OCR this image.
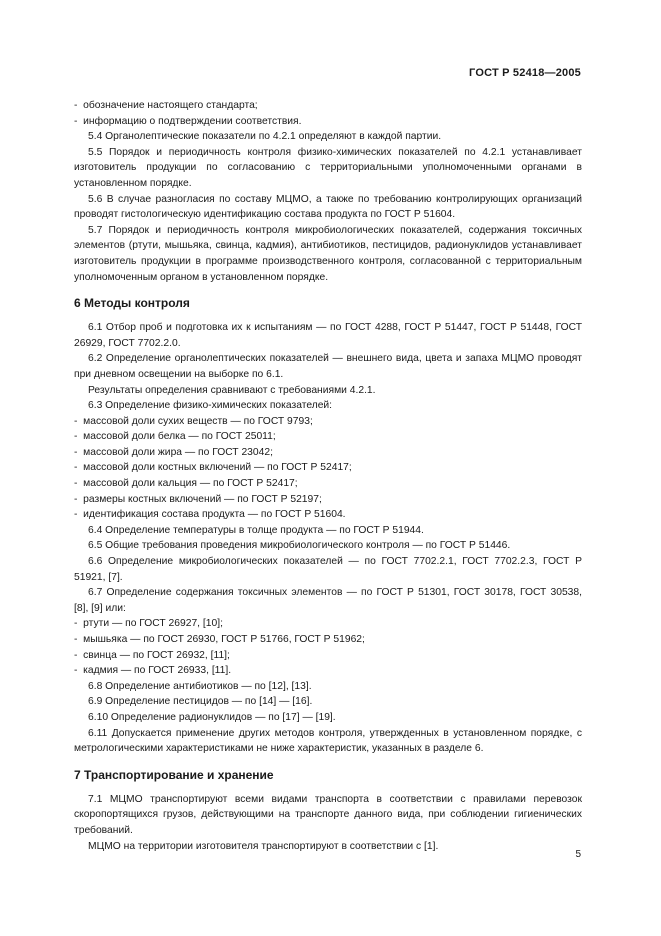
ГОСТ Р 52418—2005

-  обозначение настоящего стандарта;

-  информацию о подтверждении соответствия.

5.4 Органолептические показатели по 4.2.1 определяют в каждой партии.

5.5 Порядок и периодичность контроля физико-химических показателей по 4.2.1 устанавливает изготовитель продукции по согласованию с территориальными уполномоченными органами в установленном порядке.

5.6 В случае разногласия по составу МЦМО, а также по требованию контролирующих организаций проводят гистологическую идентификацию состава продукта по ГОСТ Р 51604.

5.7 Порядок и периодичность контроля микробиологических показателей, содержания токсичных элементов (ртути, мышьяка, свинца, кадмия), антибиотиков, пестицидов, радионуклидов устанавливает изготовитель продукции в программе производственного контроля, согласованной с территориальным уполномоченным органом в установленном порядке.

6 Методы контроля

6.1 Отбор проб и подготовка их к испытаниям — по ГОСТ 4288, ГОСТ Р 51447, ГОСТ Р 51448, ГОСТ 26929, ГОСТ 7702.2.0.

6.2 Определение органолептических показателей — внешнего вида, цвета и запаха МЦМО проводят при дневном освещении на выборке по 6.1.

Результаты определения сравнивают с требованиями 4.2.1.

6.3 Определение физико-химических показателей:

-  массовой доли сухих веществ — по ГОСТ 9793;

-  массовой доли белка — по ГОСТ 25011;

-  массовой доли жира — по ГОСТ 23042;

-  массовой доли костных включений — по ГОСТ Р 52417;

-  массовой доли кальция — по ГОСТ Р 52417;

-  размеры костных включений — по ГОСТ Р 52197;

-  идентификация состава продукта — по ГОСТ Р 51604.

6.4 Определение температуры в толще продукта — по ГОСТ Р 51944.

6.5 Общие требования проведения микробиологического контроля — по ГОСТ Р 51446.

6.6 Определение микробиологических показателей — по ГОСТ 7702.2.1, ГОСТ 7702.2.3, ГОСТ Р 51921, [7].

6.7 Определение содержания токсичных элементов — по ГОСТ Р 51301, ГОСТ 30178, ГОСТ 30538, [8], [9] или:

-  ртути — по ГОСТ 26927, [10];

-  мышьяка — по ГОСТ 26930, ГОСТ Р 51766, ГОСТ Р 51962;

-  свинца — по ГОСТ 26932, [11];

-  кадмия — по ГОСТ 26933, [11].

6.8 Определение антибиотиков — по [12], [13].

6.9 Определение пестицидов — по [14] — [16].

6.10 Определение радионуклидов — по [17] — [19].

6.11 Допускается применение других методов контроля, утвержденных в установленном порядке, с метрологическими характеристиками не ниже характеристик, указанных в разделе 6.

7 Транспортирование и хранение

7.1 МЦМО транспортируют всеми видами транспорта в соответствии с правилами перевозок скоропортящихся грузов, действующими на транспорте данного вида, при соблюдении гигиенических требований.

МЦМО на территории изготовителя транспортируют в соответствии с [1].

5
